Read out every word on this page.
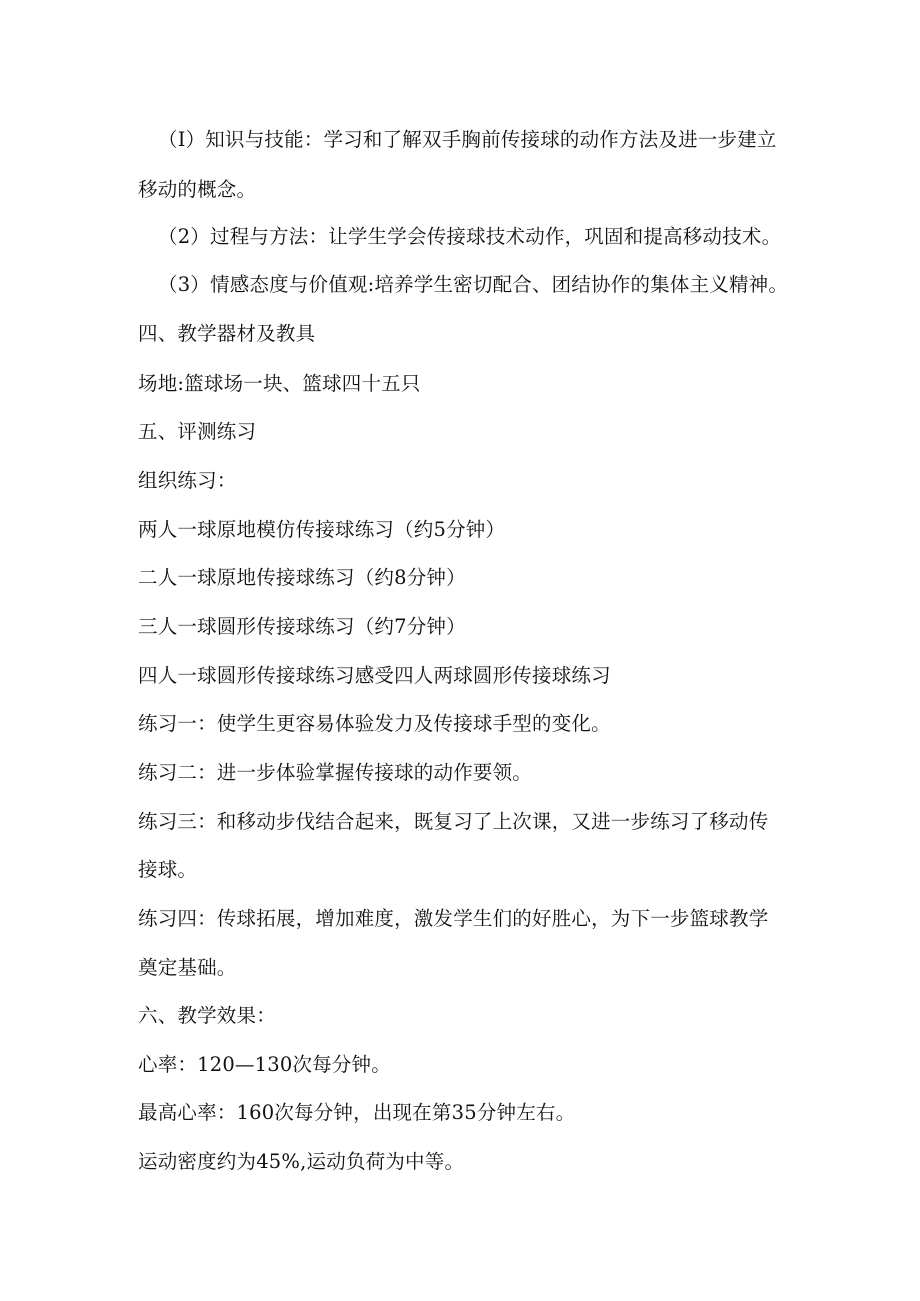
（I）知识与技能：学习和了解双手胸前传接球的动作方法及进一步建立
移动的概念。
（2）过程与方法：让学生学会传接球技术动作，巩固和提高移动技术。
（3）情感态度与价值观:培养学生密切配合、团结协作的集体主义精神。
四、教学器材及教具
场地:篮球场一块、篮球四十五只
五、评测练习
组织练习：
两人一球原地模仿传接球练习（约5分钟）
二人一球原地传接球练习（约8分钟）
三人一球圆形传接球练习（约7分钟）
四人一球圆形传接球练习感受四人两球圆形传接球练习
练习一：使学生更容易体验发力及传接球手型的变化。
练习二：进一步体验掌握传接球的动作要领。
练习三：和移动步伐结合起来，既复习了上次课，又进一步练习了移动传
接球。
练习四：传球拓展，增加难度，激发学生们的好胜心，为下一步篮球教学
奠定基础。
六、教学效果：
心率：120—130次每分钟。
最高心率：160次每分钟，出现在第35分钟左右。
运动密度约为45%,运动负荷为中等。
